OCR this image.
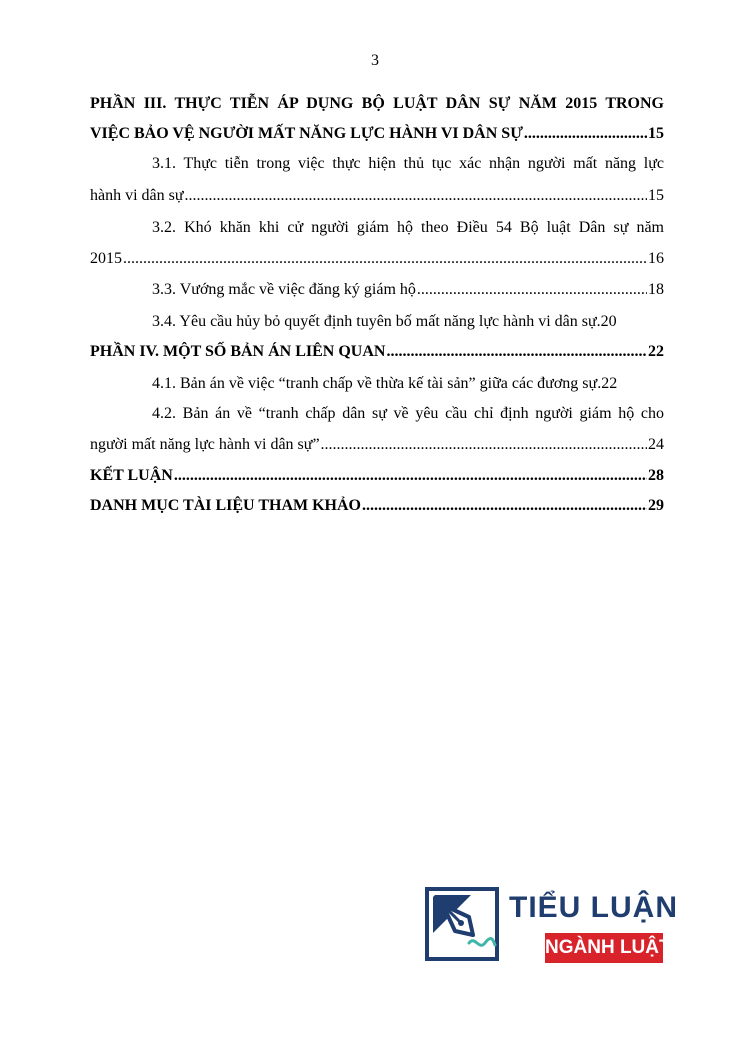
3
PHẦN III. THỰC TIỄN ÁP DỤNG BỘ LUẬT DÂN SỰ NĂM 2015 TRONG
VIỆC BẢO VỆ NGƯỜI MẤT NĂNG LỰC HÀNH VI DÂN SỰ .....	15
3.1. Thực tiễn trong việc thực hiện thủ tục xác nhận người mất năng lực
hành vi dân sự .....	15
3.2. Khó khăn khi cử người giám hộ theo Điều 54 Bộ luật Dân sự năm
2015 .....	16
3.3. Vướng mắc về việc đăng ký giám hộ .....	18
3.4. Yêu cầu hủy bỏ quyết định tuyên bố mất năng lực hành vi dân sự.20
PHẦN IV. MỘT SỐ BẢN ÁN LIÊN QUAN .....	22
4.1. Bản án về việc “tranh chấp về thừa kế tài sản” giữa các đương sự.22
4.2. Bản án về “tranh chấp dân sự về yêu cầu chỉ định người giám hộ cho
người mất năng lực hành vi dân sự” .....	24
KẾT LUẬN .....	28
DANH MỤC TÀI LIỆU THAM KHẢO .....	29
TIỂU LUẬN
NGÀNH LUẬT
